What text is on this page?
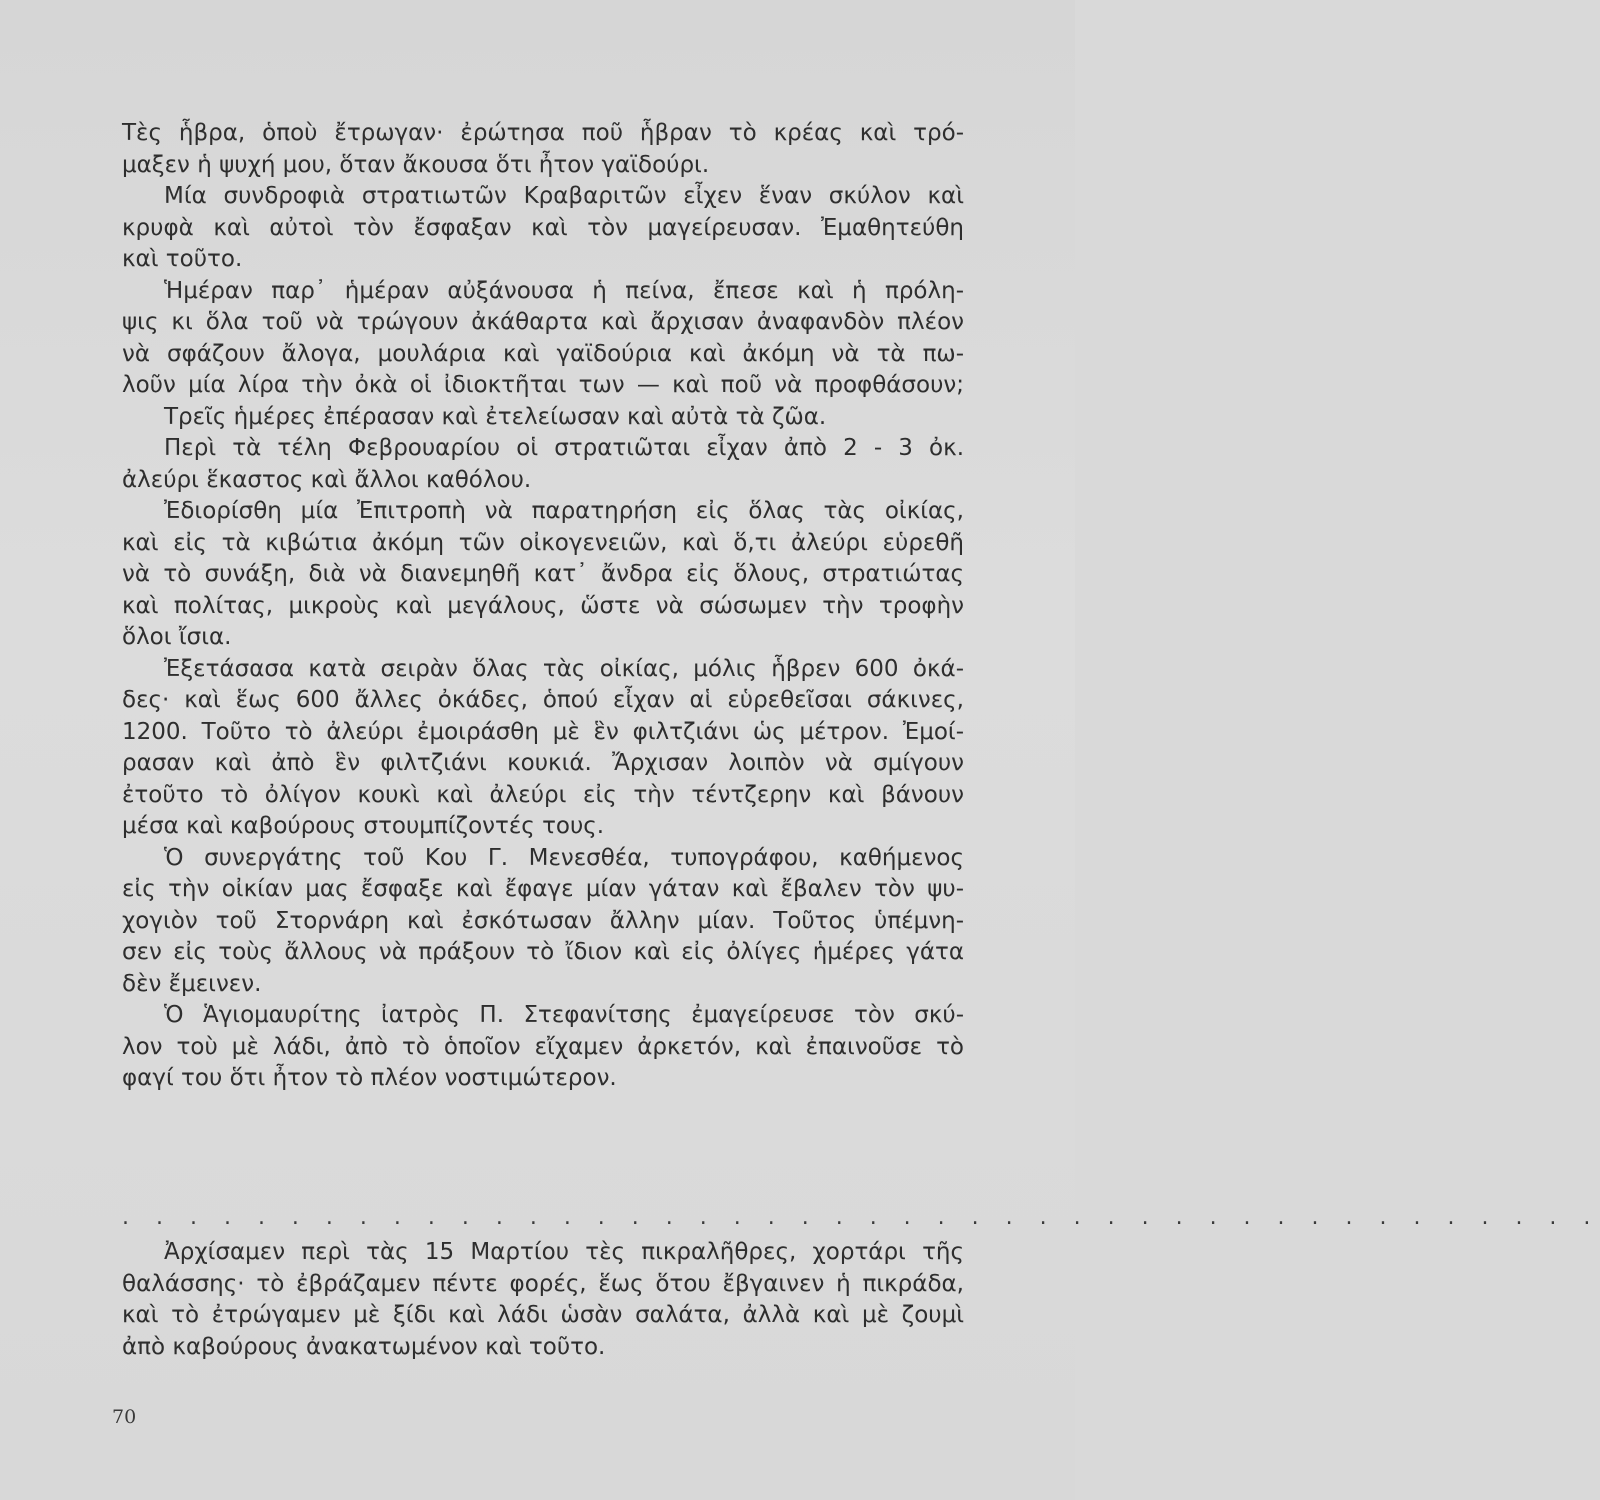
Τὲς ἧβρα, ὁποὺ ἔτρωγαν· ἐρώτησα ποῦ ἧβραν τὸ κρέας καὶ τρό-
μαξεν ἡ ψυχή μου, ὅταν ἄκουσα ὅτι ἦτον γαϊδούρι.
Μία συνδροφιὰ στρατιωτῶν Κραβαριτῶν εἶχεν ἕναν σκύλον καὶ
κρυφὰ καὶ αὐτοὶ τὸν ἔσφαξαν καὶ τὸν μαγείρευσαν. Ἐμαθητεύθη
καὶ τοῦτο.
Ἡμέραν παρ᾽ ἡμέραν αὐξάνουσα ἡ πείνα, ἔπεσε καὶ ἡ πρόλη-
ψις κι ὅλα τοῦ νὰ τρώγουν ἀκάθαρτα καὶ ἄρχισαν ἀναφανδὸν πλέον
νὰ σφάζουν ἄλογα, μουλάρια καὶ γαϊδούρια καὶ ἀκόμη νὰ τὰ πω-
λοῦν μία λίρα τὴν ὀκὰ οἱ ἰδιοκτῆται των — καὶ ποῦ νὰ προφθάσουν;
Τρεῖς ἡμέρες ἐπέρασαν καὶ ἐτελείωσαν καὶ αὐτὰ τὰ ζῶα.
Περὶ τὰ τέλη Φεβρουαρίου οἱ στρατιῶται εἶχαν ἀπὸ 2 - 3 ὀκ.
ἀλεύρι ἕκαστος καὶ ἄλλοι καθόλου.
Ἐδιορίσθη μία Ἐπιτροπὴ νὰ παρατηρήση εἰς ὅλας τὰς οἰκίας,
καὶ εἰς τὰ κιβώτια ἀκόμη τῶν οἰκογενειῶν, καὶ ὅ,τι ἀλεύρι εὑρεθῆ
νὰ τὸ συνάξη, διὰ νὰ διανεμηθῆ κατ᾽ ἄνδρα εἰς ὅλους, στρατιώτας
καὶ πολίτας, μικροὺς καὶ μεγάλους, ὥστε νὰ σώσωμεν τὴν τροφὴν
ὅλοι ἴσια.
Ἐξετάσασα κατὰ σειρὰν ὅλας τὰς οἰκίας, μόλις ἧβρεν 600 ὀκά-
δες· καὶ ἕως 600 ἄλλες ὀκάδες, ὁπού εἶχαν αἱ εὑρεθεῖσαι σάκινες,
1200. Τοῦτο τὸ ἀλεύρι ἐμοιράσθη μὲ ἓν φιλτζιάνι ὡς μέτρον. Ἐμοί-
ρασαν καὶ ἀπὸ ἓν φιλτζιάνι κουκιά. Ἄρχισαν λοιπὸν νὰ σμίγουν
ἐτοῦτο τὸ ὀλίγον κουκὶ καὶ ἀλεύρι εἰς τὴν τέντζερην καὶ βάνουν
μέσα καὶ καβούρους στουμπίζοντές τους.
Ὁ συνεργάτης τοῦ Κου Γ. Μενεσθέα, τυπογράφου, καθήμενος
εἰς τὴν οἰκίαν μας ἔσφαξε καὶ ἔφαγε μίαν γάταν καὶ ἔβαλεν τὸν ψυ-
χογιὸν τοῦ Στορνάρη καὶ ἐσκότωσαν ἄλλην μίαν. Τοῦτος ὑπέμνη-
σεν εἰς τοὺς ἄλλους νὰ πράξουν τὸ ἴδιον καὶ εἰς ὀλίγες ἡμέρες γάτα
δὲν ἔμεινεν.
Ὁ Ἁγιομαυρίτης ἰατρὸς Π. Στεφανίτσης ἐμαγείρευσε τὸν σκύ-
λον τοὺ μὲ λάδι, ἀπὸ τὸ ὁποῖον εἴχαμεν ἀρκετόν, καὶ ἐπαινοῦσε τὸ
φαγί του ὅτι ἦτον τὸ πλέον νοστιμώτερον.
. . . . . . . . . . . . . . . . . . . . . . . . . . . . . . . . . . . . . . . . . . . .
Ἀρχίσαμεν περὶ τὰς 15 Μαρτίου τὲς πικραλῆθρες, χορτάρι τῆς
θαλάσσης· τὸ ἐβράζαμεν πέντε φορές, ἕως ὅτου ἔβγαινεν ἡ πικράδα,
καὶ τὸ ἐτρώγαμεν μὲ ξίδι καὶ λάδι ὡσὰν σαλάτα, ἀλλὰ καὶ μὲ ζουμὶ
ἀπὸ καβούρους ἀνακατωμένον καὶ τοῦτο.
70
